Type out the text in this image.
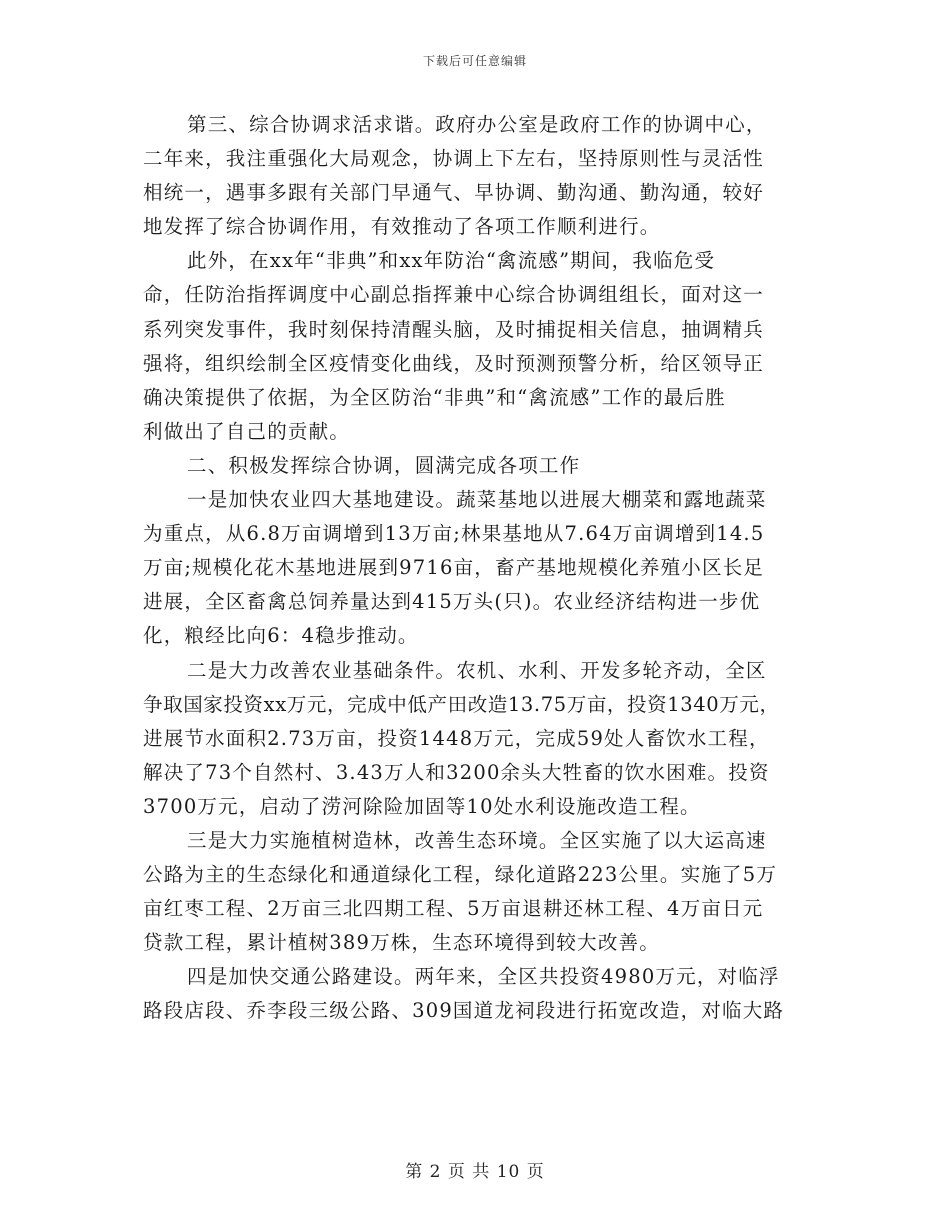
下载后可任意编辑
第三、综合协调求活求谐。政府办公室是政府工作的协调中心，
二年来，我注重强化大局观念，协调上下左右，坚持原则性与灵活性
相统一，遇事多跟有关部门早通气、早协调、勤沟通、勤沟通，较好
地发挥了综合协调作用，有效推动了各项工作顺利进行。
此外，在xx年“非典”和xx年防治“禽流感”期间，我临危受
命，任防治指挥调度中心副总指挥兼中心综合协调组组长，面对这一
系列突发事件，我时刻保持清醒头脑，及时捕捉相关信息，抽调精兵
强将，组织绘制全区疫情变化曲线，及时预测预警分析，给区领导正
确决策提供了依据，为全区防治“非典”和“禽流感”工作的最后胜
利做出了自己的贡献。
二、积极发挥综合协调，圆满完成各项工作
一是加快农业四大基地建设。蔬菜基地以进展大棚菜和露地蔬菜
为重点，从6.8万亩调增到13万亩;林果基地从7.64万亩调增到14.5
万亩;规模化花木基地进展到9716亩，畜产基地规模化养殖小区长足
进展，全区畜禽总饲养量达到415万头(只)。农业经济结构进一步优
化，粮经比向6：4稳步推动。
二是大力改善农业基础条件。农机、水利、开发多轮齐动，全区
争取国家投资xx万元，完成中低产田改造13.75万亩，投资1340万元，
进展节水面积2.73万亩，投资1448万元，完成59处人畜饮水工程，
解决了73个自然村、3.43万人和3200余头大牲畜的饮水困难。投资
3700万元，启动了涝河除险加固等10处水利设施改造工程。
三是大力实施植树造林，改善生态环境。全区实施了以大运高速
公路为主的生态绿化和通道绿化工程，绿化道路223公里。实施了5万
亩红枣工程、2万亩三北四期工程、5万亩退耕还林工程、4万亩日元
贷款工程，累计植树389万株，生态环境得到较大改善。
四是加快交通公路建设。两年来，全区共投资4980万元，对临浮
路段店段、乔李段三级公路、309国道龙祠段进行拓宽改造，对临大路
第 2 页 共 10 页
